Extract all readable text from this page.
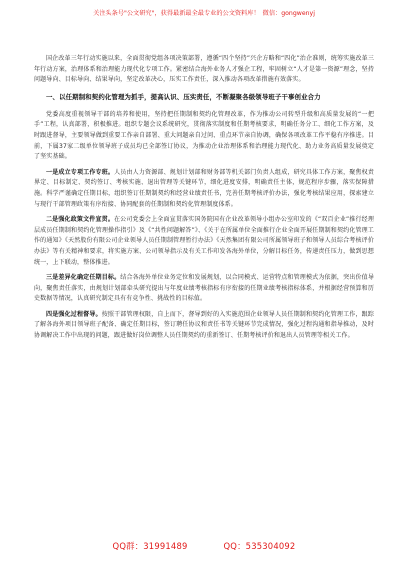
关注头条号"公文研究"，获得最新最全最专业的公文资料库！ 微信：gongwenyj

国企改革三年行动实施以来，全面贯彻党组各项决策部署，遵循“四个坚持”兴企方略和“四化”治企准则，统筹实施改革三年行动方案，治理体系和治理能力现代化专项工作。紧密结合海外业务人才强企工程，牢固树立“人才是第一资源”理念，坚持问题导向、目标导向、结果导向，坚定改革决心，压实工作责任，深入推动各项改革措施有效落实。

一、以任期制和契约化管理为抓手，提高认识、压实责任，不断凝聚各级领导班子干事创业合力

党委高度重视领导干部的培养和使用，坚持把任期制和契约化管理改革，作为推动公司转型升级和高质量发展的“一把手”工程，认真部署，积极推进。组织专题会议系统研究，贯彻落实制度和任期考核要求，明确任务分工、细化工作方案，及时跟进督导，主要领导做到重要工作亲自部署、重大问题亲自过问、重点环节亲自协调，确保各项改革工作平稳有序推进。目前，下属37家二级单位领导班子成员均已全部签订协议，为推动企业治理体系和治理能力现代化、助力业务高质量发展奠定了坚实基础。

一是成立专项工作专班。人员由人力资源部、规划计划部和财务部等机关部门负责人组成，研究具体工作方案，聚焦权责界定、目标制定、契约签订、考核实施、退出管理等关键环节，细化进度安排，明确责任主体，规范程序步骤，落实保障措施。科学严谨确定任期目标，组织签订任期制契约和经营业绩责任书，完善任期考核评价办法，强化考核结果应用，探索建立与现行干部管理政策有序衔接、协同配套的任期制和契约化管理制度体系。

二是强化政策文件宣贯。在公司党委会上全面宣贯落实国务院国有企业改革领导小组办公室印发的《“双百企业”推行经理层成员任期制和契约化管理操作指引》及《“共性问题解答”》、《关于在所属单位全面推行企业全面开展任期制和契约化管理工作的通知》《天然股份有限公司企业领导人员任期制管理暂行办法》《天然集团有限公司所属领导班子和领导人员综合考核评价办法》等有关精神和要求，将实施方案、公司领导指示及有关工作印发各海外单位，分解目标任务，传递责任压力，做到思想统一，上下联动，整体推进。

三是差异化确定任期目标。结合各海外单位业务定位和发展规划，以合同模式、运营特点和管理模式为依据，突出价值导向，聚焦责任落实，由规划计划部牵头研究提出与年度业绩考核指标有序衔接的任期业绩考核指标体系，并根据经营预算和历史数据等情况，认真研究制定具有有竞争性、挑战性的目标值。

四是强化过程督导。按照干部管理权限，自上而下，督导到好的入实施范围企业领导人员任期制和契约化管理工作，跟踪了解各海外项目领导班子配备、确定任期目标，签订聘任协议和责任书等关键环节完成情况，强化过程沟通和指导推动，及时协调解决工作中出现的问题，跟进做好岗位调整人员任期契约的重新签订、任期考核评价和退出人员管理等相关工作。

QQ群：31991489	QQ：535304092
